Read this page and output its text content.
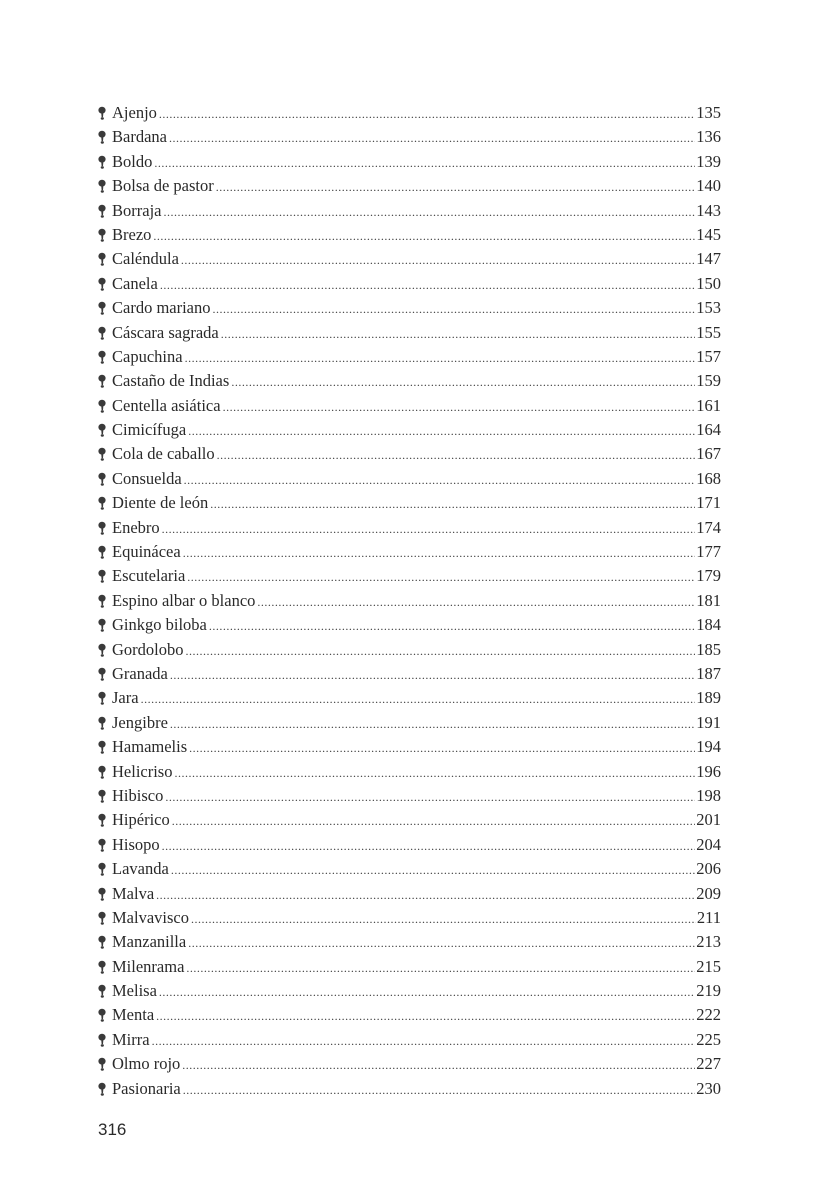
Ajenjo .....	135
Bardana .....	136
Boldo .....	139
Bolsa de pastor .....	140
Borraja .....	143
Brezo .....	145
Caléndula .....	147
Canela .....	150
Cardo mariano .....	153
Cáscara sagrada .....	155
Capuchina .....	157
Castaño de Indias .....	159
Centella asiática .....	161
Cimicífuga .....	164
Cola de caballo .....	167
Consuelda .....	168
Diente de león .....	171
Enebro .....	174
Equinácea .....	177
Escutelaria .....	179
Espino albar o blanco .....	181
Ginkgo biloba .....	184
Gordolobo .....	185
Granada .....	187
Jara .....	189
Jengibre .....	191
Hamamelis .....	194
Helicriso .....	196
Hibisco .....	198
Hipérico .....	201
Hisopo .....	204
Lavanda .....	206
Malva .....	209
Malvavisco .....	211
Manzanilla .....	213
Milenrama .....	215
Melisa .....	219
Menta .....	222
Mirra .....	225
Olmo rojo .....	227
Pasionaria .....	230
316
